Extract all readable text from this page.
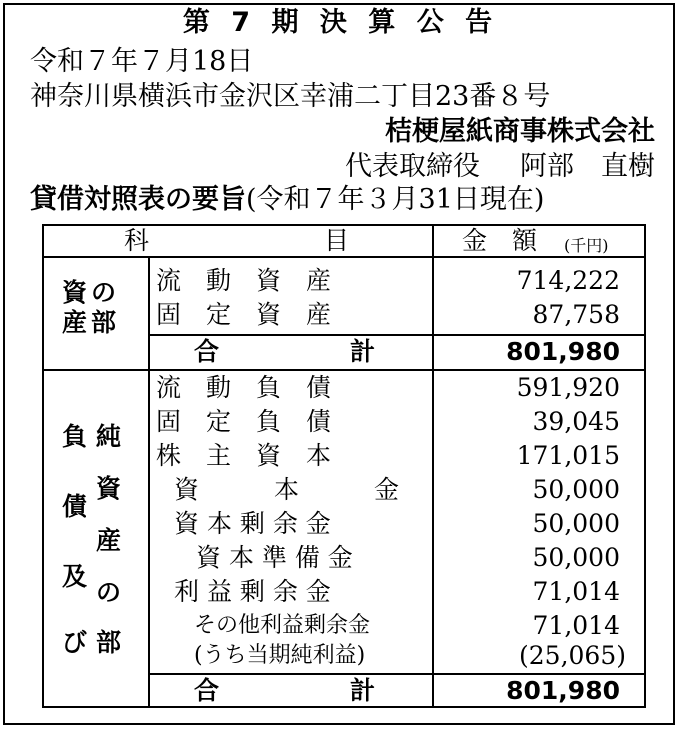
第 7 期 決 算 公 告
令和７年７月18日
神奈川県横浜市金沢区幸浦二丁目23番８号
桔梗屋紙商事株式会社
代表取締役 阿部　直樹
貸借対照表の要旨(令和７年３月31日現在)
科	目	金　額 (千円)
資の
産部
流　動　資　産	714,222
固　定　資　産	87,758
合	計	801,980
負
債
及
び
純
資
産
の
部
流　動　負　債	591,920
固　定　負　債	39,045
株　主　資　本	171,015
資　　　本　　　金	50,000
資 本 剰 余 金	50,000
資 本 準 備 金	50,000
利 益 剰 余 金	71,014
その他利益剰余金	71,014
(うち当期純利益)	(25,065)
合	計	801,980
